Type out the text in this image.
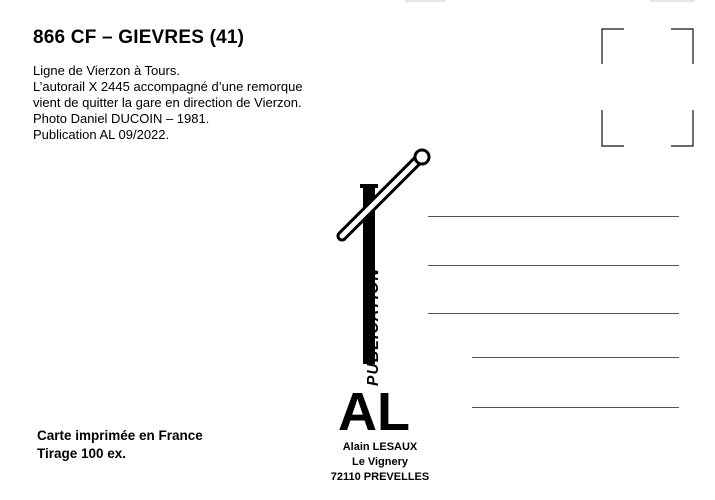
866 CF – GIEVRES (41)
Ligne de Vierzon à Tours.
L’autorail X 2445 accompagné d’une remorque
vient de quitter la gare en direction de Vierzon.
Photo Daniel DUCOIN – 1981.
Publication AL 09/2022.
PUBLICATION
AL
Alain LESAUX
Le Vignery
72110 PREVELLES
Carte imprimée en France
Tirage 100 ex.
